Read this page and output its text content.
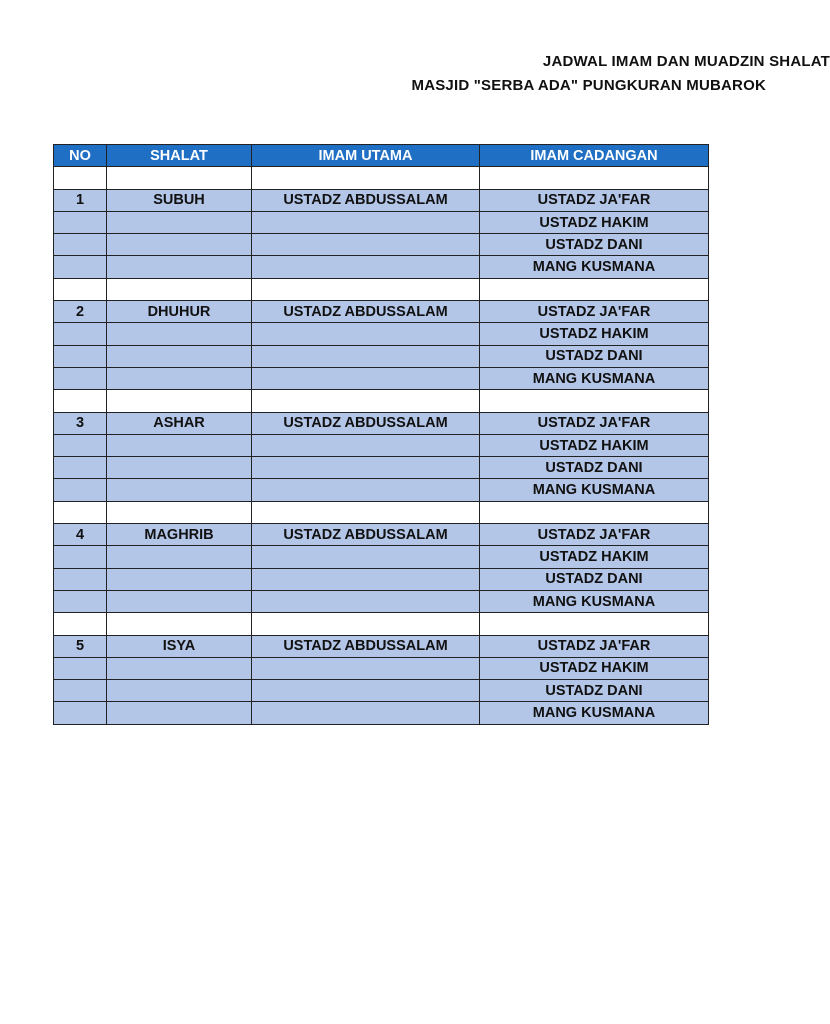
JADWAL IMAM DAN MUADZIN SHALAT
MASJID "SERBA ADA" PUNGKURAN MUBAROK
NO	SHALAT	IMAM UTAMA	IMAM CADANGAN

1	SUBUH	USTADZ ABDUSSALAM	USTADZ JA'FAR
			USTADZ HAKIM
			USTADZ DANI
			MANG KUSMANA

2	DHUHUR	USTADZ ABDUSSALAM	USTADZ JA'FAR
			USTADZ HAKIM
			USTADZ DANI
			MANG KUSMANA

3	ASHAR	USTADZ ABDUSSALAM	USTADZ JA'FAR
			USTADZ HAKIM
			USTADZ DANI
			MANG KUSMANA

4	MAGHRIB	USTADZ ABDUSSALAM	USTADZ JA'FAR
			USTADZ HAKIM
			USTADZ DANI
			MANG KUSMANA

5	ISYA	USTADZ ABDUSSALAM	USTADZ JA'FAR
			USTADZ HAKIM
			USTADZ DANI
			MANG KUSMANA
